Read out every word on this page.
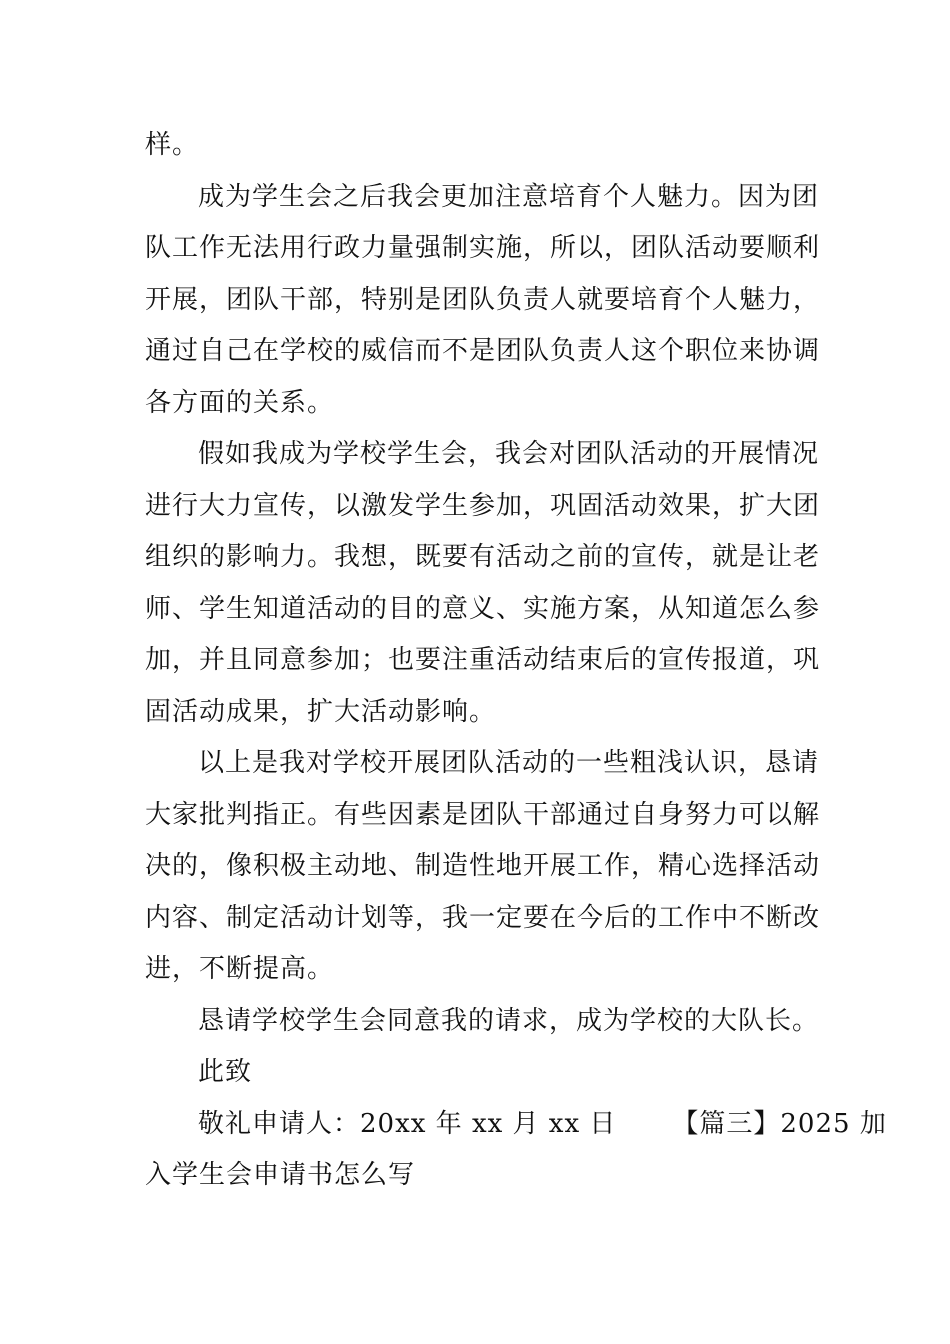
样。

成为学生会之后我会更加注意培育个人魅力。因为团
队工作无法用行政力量强制实施，所以，团队活动要顺利
开展，团队干部，特别是团队负责人就要培育个人魅力，
通过自己在学校的威信而不是团队负责人这个职位来协调
各方面的关系。

假如我成为学校学生会，我会对团队活动的开展情况
进行大力宣传，以激发学生参加，巩固活动效果，扩大团
组织的影响力。我想，既要有活动之前的宣传，就是让老
师、学生知道活动的目的意义、实施方案，从知道怎么参
加，并且同意参加；也要注重活动结束后的宣传报道，巩
固活动成果，扩大活动影响。

以上是我对学校开展团队活动的一些粗浅认识，恳请
大家批判指正。有些因素是团队干部通过自身努力可以解
决的，像积极主动地、制造性地开展工作，精心选择活动
内容、制定活动计划等，我一定要在今后的工作中不断改
进，不断提高。

恳请学校学生会同意我的请求，成为学校的大队长。

此致

敬礼申请人：20xx 年 xx 月 xx 日 【篇三】2025 加
入学生会申请书怎么写
